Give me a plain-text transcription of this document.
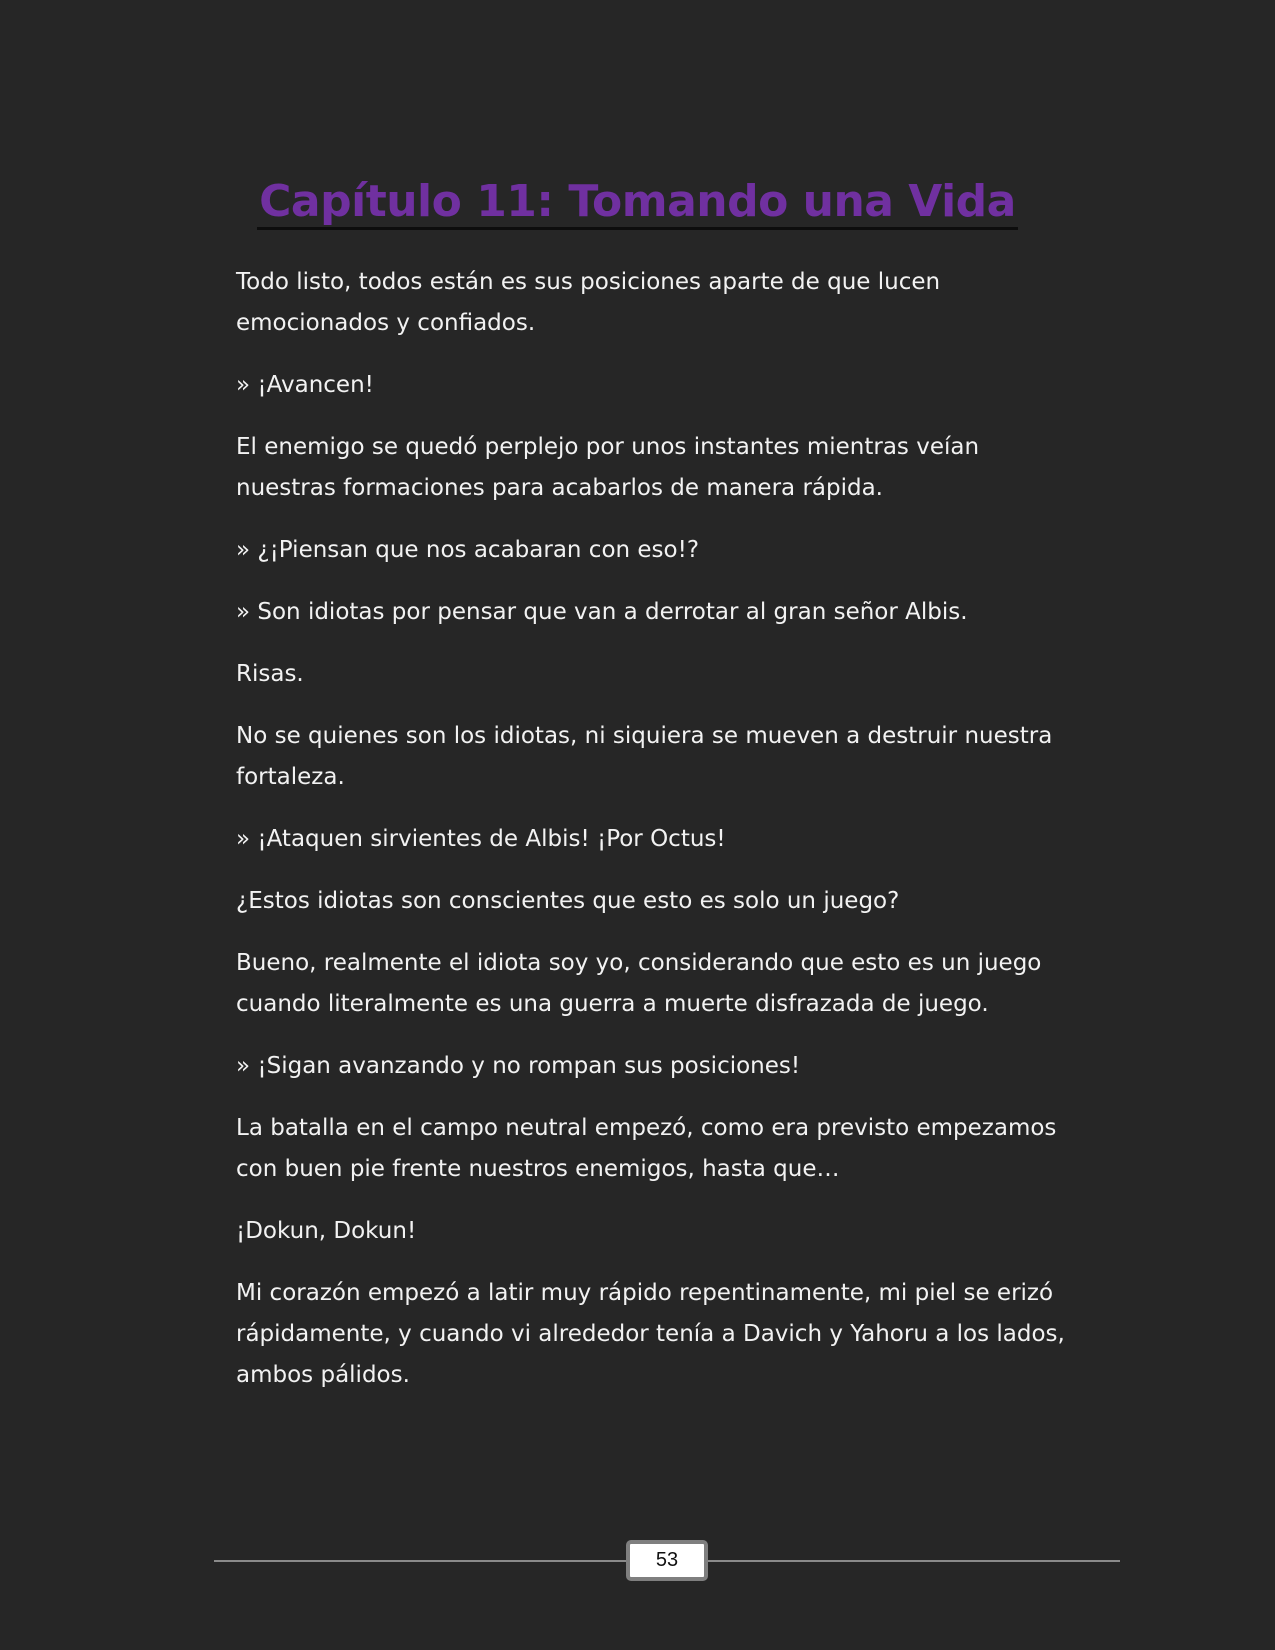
Capítulo 11: Tomando una Vida

Todo listo, todos están es sus posiciones aparte de que lucen emocionados y confiados.

» ¡Avancen!

El enemigo se quedó perplejo por unos instantes mientras veían nuestras formaciones para acabarlos de manera rápida.

» ¿¡Piensan que nos acabaran con eso!?

» Son idiotas por pensar que van a derrotar al gran señor Albis.

Risas.

No se quienes son los idiotas, ni siquiera se mueven a destruir nuestra fortaleza.

» ¡Ataquen sirvientes de Albis! ¡Por Octus!

¿Estos idiotas son conscientes que esto es solo un juego?

Bueno, realmente el idiota soy yo, considerando que esto es un juego cuando literalmente es una guerra a muerte disfrazada de juego.

» ¡Sigan avanzando y no rompan sus posiciones!

La batalla en el campo neutral empezó, como era previsto empezamos con buen pie frente nuestros enemigos, hasta que…

¡Dokun, Dokun!

Mi corazón empezó a latir muy rápido repentinamente, mi piel se erizó rápidamente, y cuando vi alrededor tenía a Davich y Yahoru a los lados, ambos pálidos.

53
